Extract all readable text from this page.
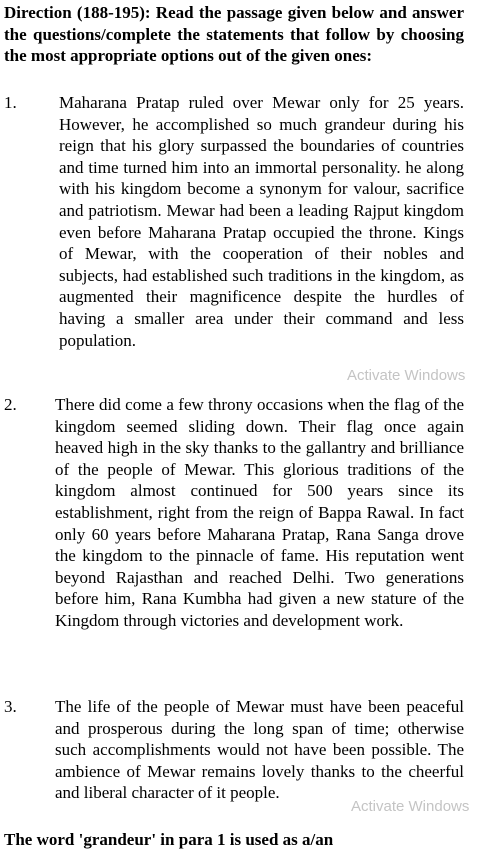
Direction (188-195): Read the passage given below and answer the questions/complete the statements that follow by choosing the most appropriate options out of the given ones:
1. Maharana Pratap ruled over Mewar only for 25 years. However, he accomplished so much grandeur during his reign that his glory surpassed the boundaries of countries and time turned him into an immortal personality. he along with his kingdom become a synonym for valour, sacrifice and patriotism. Mewar had been a leading Rajput kingdom even before Maharana Pratap occupied the throne. Kings of Mewar, with the cooperation of their nobles and subjects, had established such traditions in the kingdom, as augmented their magnificence despite the hurdles of having a smaller area under their command and less population.
2. There did come a few throny occasions when the flag of the kingdom seemed sliding down. Their flag once again heaved high in the sky thanks to the gallantry and brilliance of the people of Mewar. This glorious traditions of the kingdom almost continued for 500 years since its establishment, right from the reign of Bappa Rawal. In fact only 60 years before Maharana Pratap, Rana Sanga drove the kingdom to the pinnacle of fame. His reputation went beyond Rajasthan and reached Delhi. Two generations before him, Rana Kumbha had given a new stature of the Kingdom through victories and development work.
3. The life of the people of Mewar must have been peaceful and prosperous during the long span of time; otherwise such accomplishments would not have been possible. The ambience of Mewar remains lovely thanks to the cheerful and liberal character of it people.
The word 'grandeur' in para 1 is used as a/an
Activate Windows
Activate Windows
